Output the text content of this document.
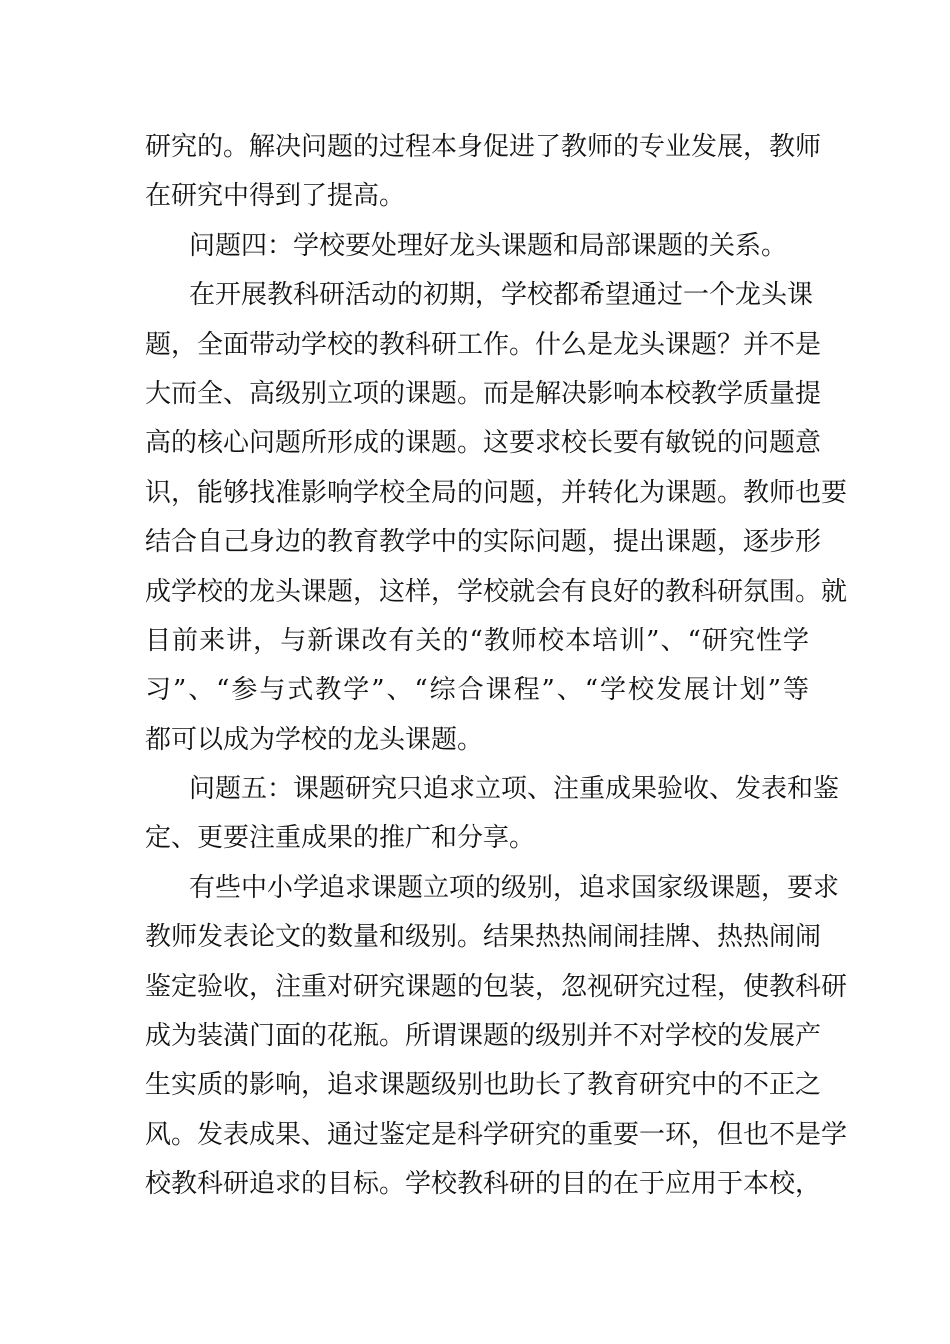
研究的。解决问题的过程本身促进了教师的专业发展，教师
在研究中得到了提高。
问题四：学校要处理好龙头课题和局部课题的关系。
在开展教科研活动的初期，学校都希望通过一个龙头课
题，全面带动学校的教科研工作。什么是龙头课题？并不是
大而全、高级别立项的课题。而是解决影响本校教学质量提
高的核心问题所形成的课题。这要求校长要有敏锐的问题意
识，能够找准影响学校全局的问题，并转化为课题。教师也要
结合自己身边的教育教学中的实际问题，提出课题，逐步形
成学校的龙头课题，这样，学校就会有良好的教科研氛围。就
目前来讲，与新课改有关的“教师校本培训”、“研究性学
习”、“参与式教学”、“综合课程”、“学校发展计划”等
都可以成为学校的龙头课题。
问题五：课题研究只追求立项、注重成果验收、发表和鉴
定、更要注重成果的推广和分享。
有些中小学追求课题立项的级别，追求国家级课题，要求
教师发表论文的数量和级别。结果热热闹闹挂牌、热热闹闹
鉴定验收，注重对研究课题的包装，忽视研究过程，使教科研
成为装潢门面的花瓶。所谓课题的级别并不对学校的发展产
生实质的影响，追求课题级别也助长了教育研究中的不正之
风。发表成果、通过鉴定是科学研究的重要一环，但也不是学
校教科研追求的目标。学校教科研的目的在于应用于本校，
